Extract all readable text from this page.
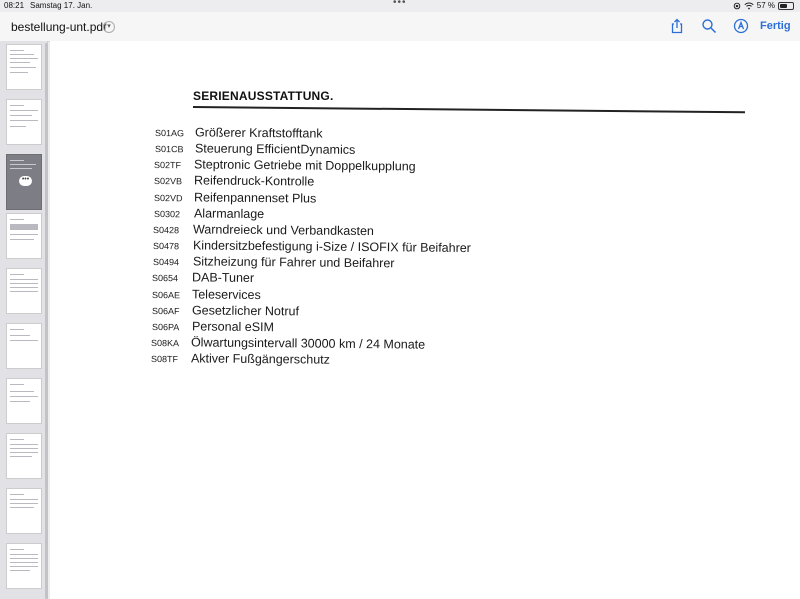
08:21 Samstag 17. Jan.	•••	57 %
bestellung-unt.pdf ▾	Fertig
•••
SERIENAUSSTATTUNG.
S01AG Größerer Kraftstofftank
S01CB Steuerung EfficientDynamics
S02TF	Steptronic Getriebe mit Doppelkupplung
S02VB Reifendruck-Kontrolle
S02VD Reifenpannenset Plus
S0302	Alarmanlage
S0428	Warndreieck und Verbandkasten
S0478	Kindersitzbefestigung i-Size / ISOFIX für Beifahrer
S0494	Sitzheizung für Fahrer und Beifahrer
S0654	DAB-Tuner
S06AE Teleservices
S06AF Gesetzlicher Notruf
S06PA	Personal eSIM
S08KA Ölwartungsintervall 30000 km / 24 Monate
S08TF	Aktiver Fußgängerschutz
